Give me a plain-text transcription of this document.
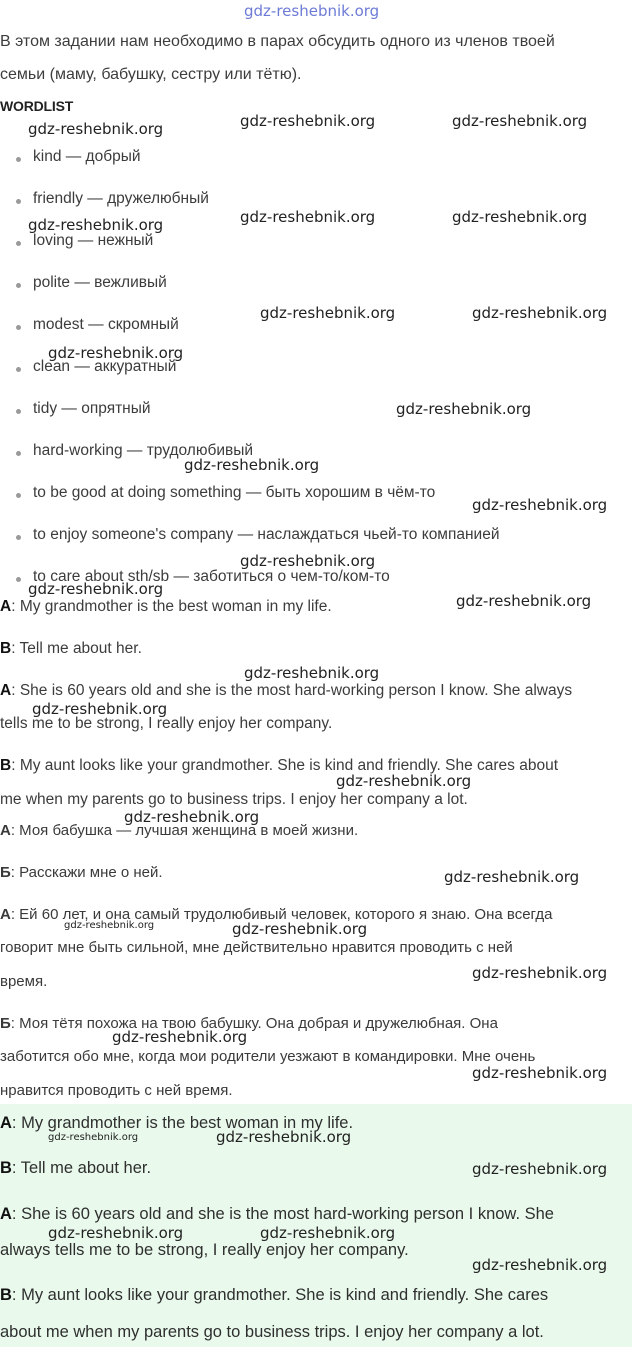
gdz-reshebnik.org
В этом задании нам необходимо в парах обсудить одного из членов твоей
семьи (маму, бабушку, сестру или тётю).
WORDLIST
kind — добрый
friendly — дружелюбный
loving — нежный
polite — вежливый
modest — скромный
clean — аккуратный
tidy — опрятный
hard-working — трудолюбивый
to be good at doing something — быть хорошим в чём-то
to enjoy someone's company — наслаждаться чьей-то компанией
to care about sth/sb — заботиться о чем-то/ком-то
A: My grandmother is the best woman in my life.
B: Tell me about her.
A: She is 60 years old and she is the most hard-working person I know. She always
tells me to be strong, I really enjoy her company.
B: My aunt looks like your grandmother. She is kind and friendly. She cares about
me when my parents go to business trips. I enjoy her company a lot.
А: Моя бабушка — лучшая женщина в моей жизни.
Б: Расскажи мне о ней.
А: Ей 60 лет, и она самый трудолюбивый человек, которого я знаю. Она всегда
говорит мне быть сильной, мне действительно нравится проводить с ней
время.
Б: Моя тётя похожа на твою бабушку. Она добрая и дружелюбная. Она
заботится обо мне, когда мои родители уезжают в командировки. Мне очень
нравится проводить с ней время.
A: My grandmother is the best woman in my life.
B: Tell me about her.
A: She is 60 years old and she is the most hard-working person I know. She
always tells me to be strong, I really enjoy her company.
B: My aunt looks like your grandmother. She is kind and friendly. She cares
about me when my parents go to business trips. I enjoy her company a lot.
gdz-reshebnik.org	gdz-reshebnik.org	gdz-reshebnik.org
gdz-reshebnik.org	gdz-reshebnik.org	gdz-reshebnik.org
gdz-reshebnik.org	gdz-reshebnik.org
gdz-reshebnik.org
gdz-reshebnik.org
gdz-reshebnik.org
gdz-reshebnik.org
gdz-reshebnik.org
gdz-reshebnik.org
gdz-reshebnik.org
gdz-reshebnik.org
gdz-reshebnik.org
gdz-reshebnik.org
gdz-reshebnik.org
gdz-reshebnik.org
gdz-reshebnik.org	gdz-reshebnik.org
gdz-reshebnik.org
gdz-reshebnik.org
gdz-reshebnik.org
gdz-reshebnik.org	gdz-reshebnik.org
gdz-reshebnik.org
gdz-reshebnik.org	gdz-reshebnik.org
gdz-reshebnik.org
